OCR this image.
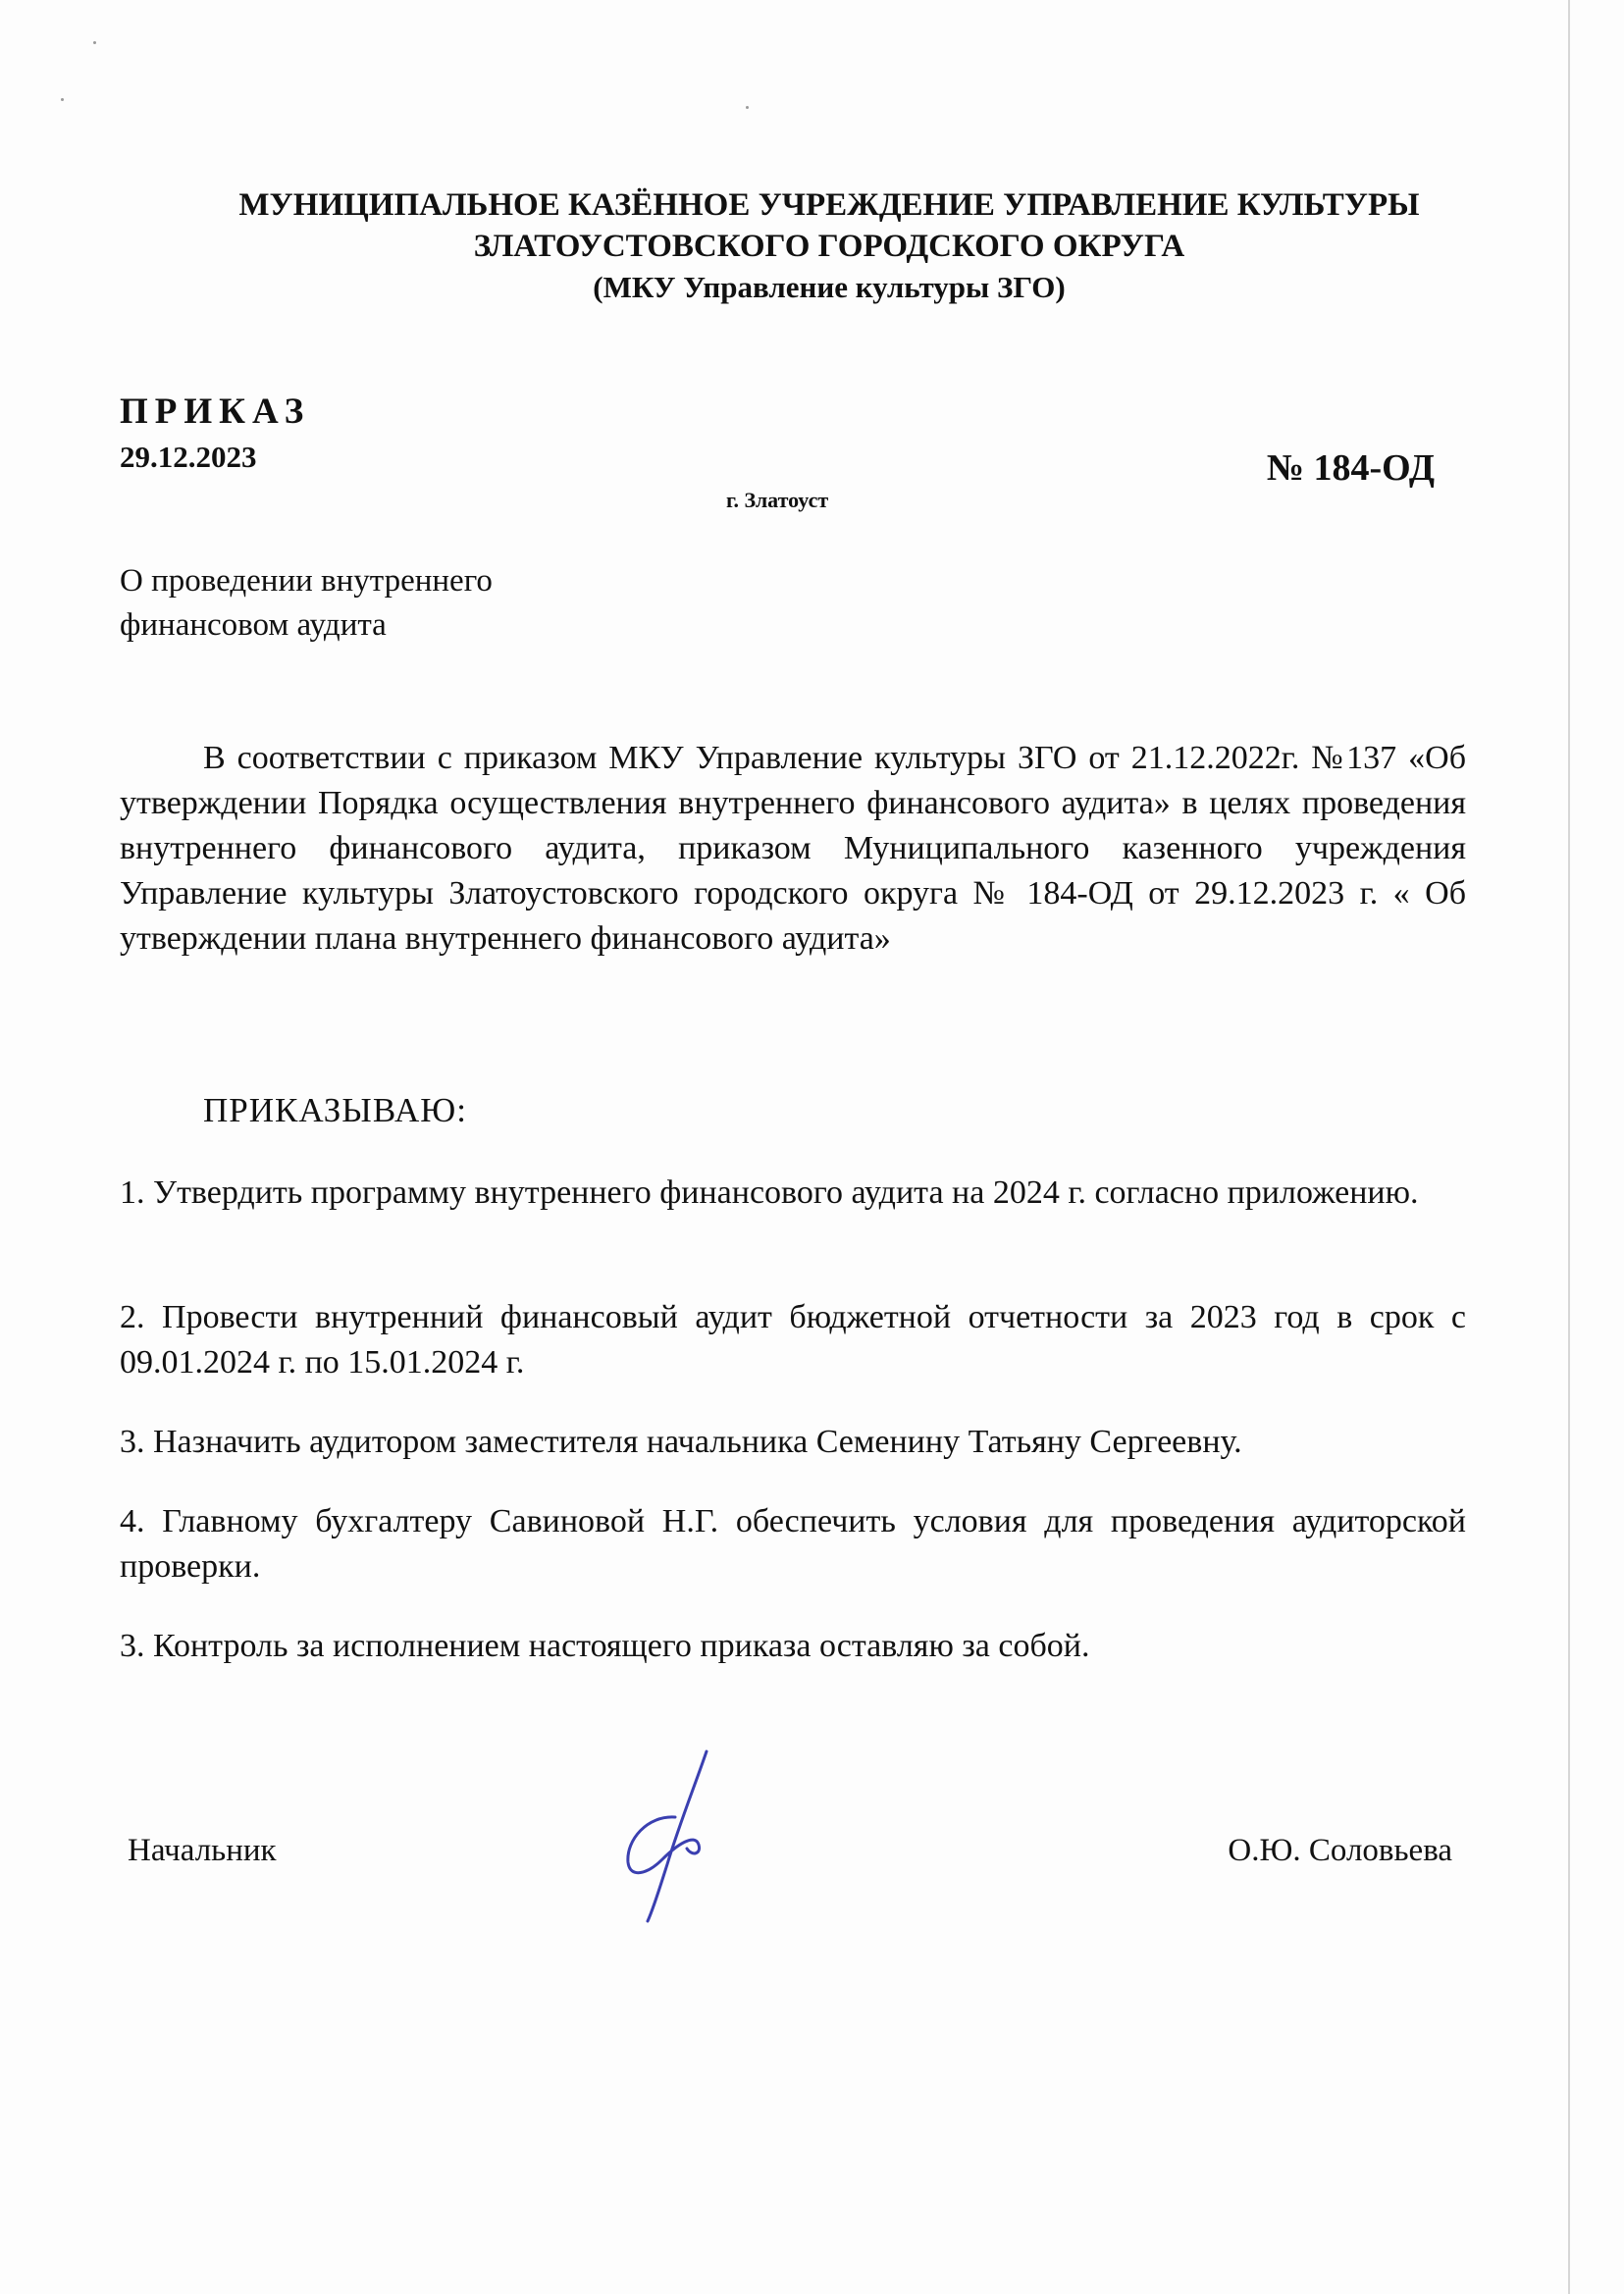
МУНИЦИПАЛЬНОЕ КАЗЁННОЕ УЧРЕЖДЕНИЕ УПРАВЛЕНИЕ КУЛЬТУРЫ
ЗЛАТОУСТОВСКОГО ГОРОДСКОГО ОКРУГА
(МКУ Управление культуры ЗГО)
ПРИКАЗ
29.12.2023	№ 184-ОД
г. Златоуст
О проведении внутреннего
финансовом аудита
В соответствии с приказом МКУ Управление культуры ЗГО от 21.12.2022г. №137 «Об утверждении Порядка осуществления внутреннего финансового аудита» в целях проведения внутреннего финансового аудита, приказом Муниципального казенного учреждения Управление культуры Златоустовского городского округа № 184-ОД от 29.12.2023 г. « Об утверждении плана внутреннего финансового аудита»
ПРИКАЗЫВАЮ:
1. Утвердить программу внутреннего финансового аудита на 2024 г. согласно приложению.
2. Провести внутренний финансовый аудит бюджетной отчетности за 2023 год в срок с 09.01.2024 г. по 15.01.2024 г.
3. Назначить аудитором заместителя начальника Семенину Татьяну Сергеевну.
4. Главному бухгалтеру Савиновой Н.Г. обеспечить условия для проведения аудиторской проверки.
3. Контроль за исполнением настоящего приказа оставляю за собой.
Начальник	О.Ю. Соловьева
